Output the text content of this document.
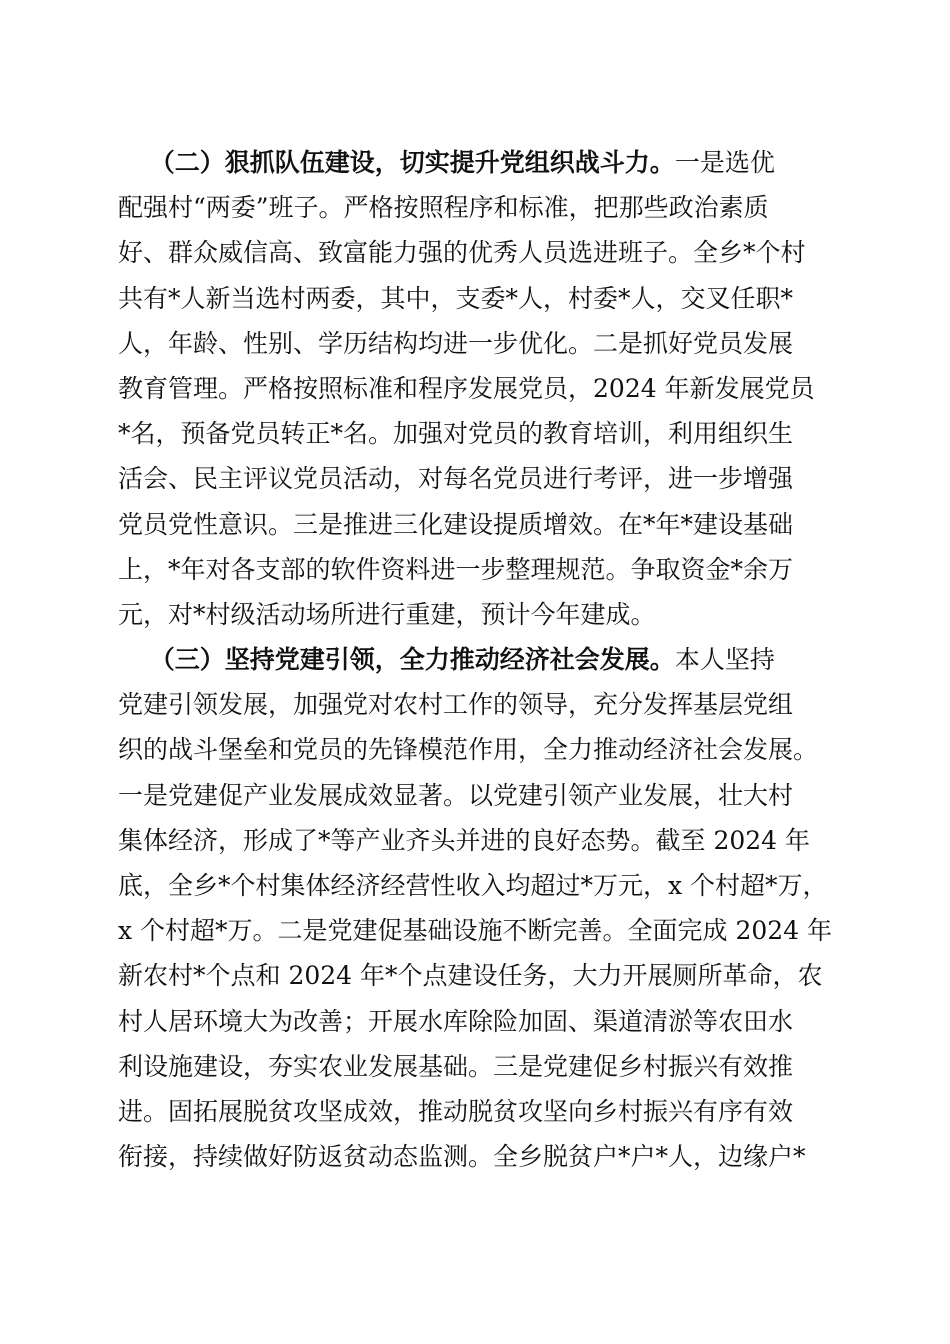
（二）狠抓队伍建设，切实提升党组织战斗力。一是选优
配强村“两委”班子。严格按照程序和标准，把那些政治素质
好、群众威信高、致富能力强的优秀人员选进班子。全乡*个村
共有*人新当选村两委，其中，支委*人，村委*人，交叉任职*
人，年龄、性别、学历结构均进一步优化。二是抓好党员发展
教育管理。严格按照标准和程序发展党员，2024 年新发展党员
*名，预备党员转正*名。加强对党员的教育培训，利用组织生
活会、民主评议党员活动，对每名党员进行考评，进一步增强
党员党性意识。三是推进三化建设提质增效。在*年*建设基础
上，*年对各支部的软件资料进一步整理规范。争取资金*余万
元，对*村级活动场所进行重建，预计今年建成。
（三）坚持党建引领，全力推动经济社会发展。本人坚持
党建引领发展，加强党对农村工作的领导，充分发挥基层党组
织的战斗堡垒和党员的先锋模范作用，全力推动经济社会发展。
一是党建促产业发展成效显著。以党建引领产业发展，壮大村
集体经济，形成了*等产业齐头并进的良好态势。截至 2024 年
底，全乡*个村集体经济经营性收入均超过*万元，x 个村超*万，
x 个村超*万。二是党建促基础设施不断完善。全面完成 2024 年
新农村*个点和 2024 年*个点建设任务，大力开展厕所革命，农
村人居环境大为改善；开展水库除险加固、渠道清淤等农田水
利设施建设，夯实农业发展基础。三是党建促乡村振兴有效推
进。固拓展脱贫攻坚成效，推动脱贫攻坚向乡村振兴有序有效
衔接，持续做好防返贫动态监测。全乡脱贫户*户*人，边缘户*
